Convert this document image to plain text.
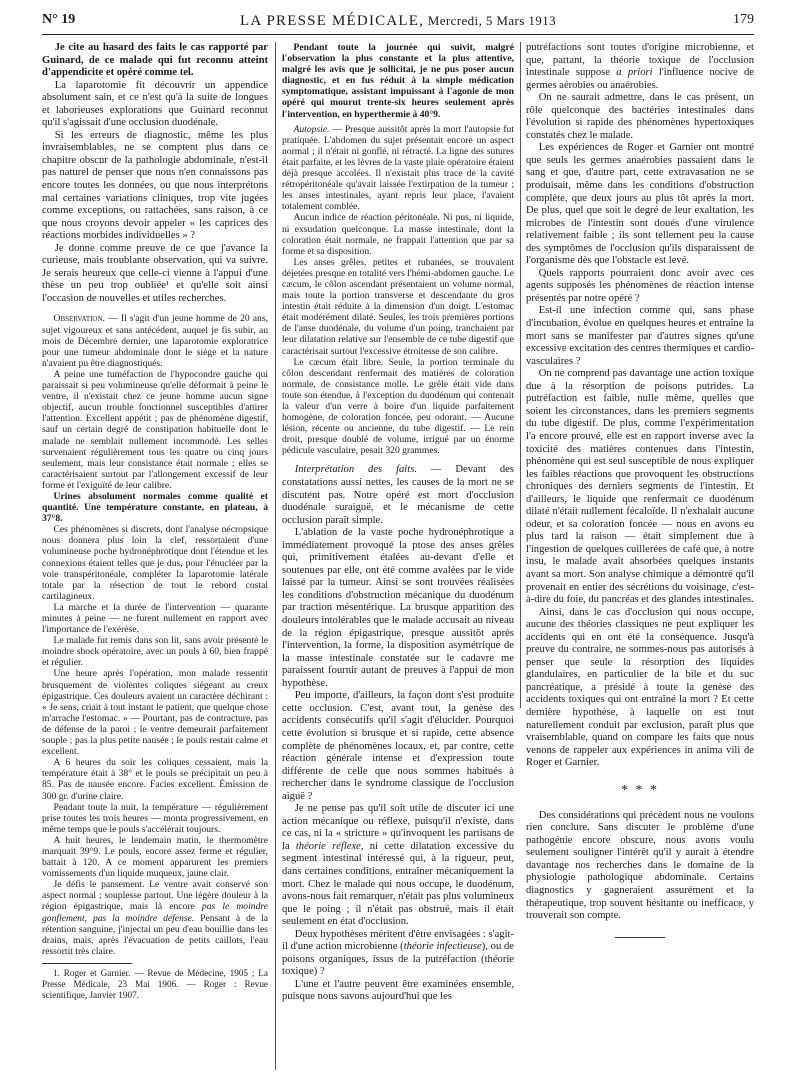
N° 19	LA PRESSE MÉDICALE, Mercredi, 5 Mars 1913	179

Je cite au hasard des faits le cas rapporté par Guinard, de ce malade qui fut reconnu atteint d'appendicite et opéré comme tel.

La laparotomie fit découvrir un appendice absolument sain, et ce n'est qu'à la suite de longues et laborieuses explorations que Guinard reconnut qu'il s'agissait d'une occlusion duodénale.

Si les erreurs de diagnostic, même les plus invraisemblables, ne se comptent plus dans ce chapitre obscur de la pathologie abdominale, n'est-il pas naturel de penser que nous n'en connaissons pas encore toutes les données, ou que nous interprétons mal certaines variations cliniques, trop vite jugées comme exceptions, ou rattachées, sans raison, à ce que nous croyons devoir appeler « les caprices des réactions morbides individuelles » ?

Je donne comme preuve de ce que j'avance la curieuse, mais troublante observation, qui va suivre. Je serais heureux que celle-ci vienne à l'appui d'une thèse un peu trop oubliée¹ et qu'elle soit ainsi l'occasion de nouvelles et utiles recherches.

Observation. — Il s'agit d'un jeune homme de 20 ans, sujet vigoureux et sans antécédent, auquel je fis subir, au mois de Décembre dernier, une laparotomie exploratrice pour une tumeur abdominale dont le siège et la nature n'avaient pu être diagnostiqués.

A peine une tuméfaction de l'hypocondre gauche qui paraissait si peu volumineuse qu'elle déformait à peine le ventre, il n'existait chez ce jeune homme aucun signe objectif, aucun trouble fonctionnel susceptibles d'attirer l'attention. Excellent appétit ; pas de phénomène digestif, sauf un certain degré de constipation habituelle dont le malade ne semblait nullement incommodé. Les selles survenaient régulièrement tous les quatre ou cinq jours seulement, mais leur consistance était normale ; elles se caractérisaient surtout par l'allongement excessif de leur forme et l'exiguïté de leur calibre.

Urines absolument normales comme qualité et quantité. Une température constante, en plateau, à 37°8.

Ces phénomènes si discrets, dont l'analyse nécropsique nous donnera plus loin la clef, ressortaient d'une volumineuse poche hydronéphrotique dont l'étendue et les connexions étaient telles que je dus, pour l'énucléer par la voie transpéritonéale, compléter la laparotomie latérale totale par la résection de tout le rebord costal cartilagineux.

La marche et la durée de l'intervention — quarante minutes à peine — ne furent nullement en rapport avec l'importance de l'exérèse.

Le malade fut remis dans son lit, sans avoir présenté le moindre shock opératoire, avec un pouls à 60, bien frappé et régulier.

Une heure après l'opération, mon malade ressentit brusquement de violentes coliques siégeant au creux épigastrique. Ces douleurs avaient un caractère déchirant : « Je sens, criait à tout instant le patient, que quelque chose m'arrache l'estomac. » — Pourtant, pas de contracture, pas de défense de la paroi ; le ventre demeurait parfaitement souple ; pas la plus petite nausée ; le pouls restait calme et excellent.

A 6 heures du soir les coliques cessaient, mais la température était à 38° et le pouls se précipitait un peu à 85. Pas de nausée encore. Facies excellent. Émission de 300 gr. d'urine claire.

Pendant toute la nuit, la température — régulièrement prise toutes les trois heures — monta progressivement, en même temps que le pouls s'accélérait toujours.

A huit heures, le lendemain matin, le thermomètre marquait 39°9. Le pouls, encore assez ferme et régulier, battait à 120. A ce moment apparurent les premiers vomissements d'un liquide muqueux, jaune clair.

Je défis le pansement. Le ventre avait conservé son aspect normal ; souplesse partout. Une légère douleur à la région épigastrique, mais là encore pas le moindre gonflement, pas la moindre défense. Pensant à de la rétention sanguine, j'injectai un peu d'eau bouillie dans les drains, mais, après l'évacuation de petits caillots, l'eau ressortit très claire.

1. Roger et Garnier. — Revue de Médecine, 1905 ; La Presse Médicale, 23 Mai 1906. — Roger : Revue scientifique, Janvier 1907.

Pendant toute la journée qui suivit, malgré l'observation la plus constante et la plus attentive, malgré les avis que je sollicitai, je ne pus poser aucun diagnostic, et en fus réduit à la simple médication symptomatique, assistant impuissant à l'agonie de mon opéré qui mourut trente-six heures seulement après l'intervention, en hyperthermie à 40°9.

Autopsie. — Presque aussitôt après la mort l'autopsie fut pratiquée. L'abdomen du sujet présentait encore un aspect normal ; il n'était ni gonflé, ni rétracté. La ligne des sutures était parfaite, et les lèvres de la vaste plaie opératoire étaient déjà presque accolées. Il n'existait plus trace de la cavité rétropéritonéale qu'avait laissée l'extirpation de la tumeur ; les anses intestinales, ayant repris leur place, l'avaient totalement comblée.

Aucun indice de réaction péritonéale. Ni pus, ni liquide, ni exsudation quelconque. La masse intestinale, dont la coloration était normale, ne frappait l'attention que par sa forme et sa disposition.

Les anses grêles, petites et rubanées, se trouvaient déjetées presque en totalité vers l'hémi-abdomen gauche. Le cæcum, le côlon ascendant présentaient un volume normal, mais toute la portion transverse et descendante du gros intestin était réduite à la dimension d'un doigt. L'estomac était modérément dilaté. Seules, les trois premières portions de l'anse duodénale, du volume d'un poing, tranchaient par leur dilatation relative sur l'ensemble de ce tube digestif que caractérisait surtout l'excessive étroitesse de son calibre.

Le cæcum était libre. Seule, la portion terminale du côlon descendant renfermait des matières de coloration normale, de consistance molle. Le grêle était vide dans toute son étendue, à l'exception du duodénum qui contenait la valeur d'un verre à boire d'un liquide parfaitement homogène, de coloration foncée, peu odorant. — Aucune lésion, récente ou ancienne, du tube digestif. — Le rein droit, presque doublé de volume, irrigué par un énorme pédicule vasculaire, pesait 320 grammes.

Interprétation des faits. — Devant des constatations aussi nettes, les causes de la mort ne se discutent pas. Notre opéré est mort d'occlusion duodénale suraiguë, et le mécanisme de cette occlusion paraît simple.

L'ablation de la vaste poche hydronéphrotique a immédiatement provoqué la ptose des anses grêles qui, primitivement étalées au-devant d'elle et soutenues par elle, ont été comme avalées par le vide laissé par la tumeur. Ainsi se sont trouvées réalisées les conditions d'obstruction mécanique du duodénum par traction mésentérique. La brusque apparition des douleurs intolérables que le malade accusait au niveau de la région épigastrique, presque aussitôt après l'intervention, la forme, la disposition asymétrique de la masse intestinale constatée sur le cadavre me paraissent fournir autant de preuves à l'appui de mon hypothèse.

Peu importe, d'ailleurs, la façon dont s'est produite cette occlusion. C'est, avant tout, la genèse des accidents consécutifs qu'il s'agit d'élucider. Pourquoi cette évolution si brusque et si rapide, cette absence complète de phénomènes locaux, et, par contre, cette réaction générale intense et d'expression toute différente de celle que nous sommes habitués à rechercher dans le syndrome classique de l'occlusion aiguë ?

Je ne pense pas qu'il soit utile de discuter ici une action mécanique ou réflexe, puisqu'il n'existe, dans ce cas, ni la « stricture » qu'invoquent les partisans de la théorie réflexe, ni cette dilatation excessive du segment intestinal intéressé qui, à la rigueur, peut, dans certaines conditions, entraîner mécaniquement la mort. Chez le malade qui nous occupe, le duodénum, avons-nous fait remarquer, n'était pas plus volumineux que le poing ; il n'était pas obstrué, mais il était seulement en état d'occlusion.

Deux hypothèses méritent d'être envisagées : s'agit-il d'une action microbienne (théorie infectieuse), ou de poisons organiques, issus de la putréfaction (théorie toxique) ?

L'une et l'autre peuvent être examinées ensemble, puisque nous savons aujourd'hui que les

putréfactions sont toutes d'origine microbienne, et que, partant, la théorie toxique de l'occlusion intestinale suppose a priori l'influence nocive de germes aérobies ou anaérobies.

On ne saurait admettre, dans le cas présent, un rôle quelconque des bactéries intestinales dans l'évolution si rapide des phénomènes hypertoxiques constatés chez le malade.

Les expériences de Roger et Garnier ont montré que seuls les germes anaérobies passaient dans le sang et que, d'autre part, cette extravasation ne se produisait, même dans les conditions d'obstruction complète, que deux jours au plus tôt après la mort. De plus, quel que soit le degré de leur exaltation, les microbes de l'intestin sont doués d'une virulence relativement faible ; ils sont tellement peu la cause des symptômes de l'occlusion qu'ils disparaissent de l'organisme dès que l'obstacle est levé.

Quels rapports pourraient donc avoir avec ces agents supposés les phénomènes de réaction intense présentés par notre opéré ?

Est-il une infection comme qui, sans phase d'incubation, évolue en quelques heures et entraîne la mort sans se manifester par d'autres signes qu'une excessive excitation des centres thermiques et cardio-vasculaires ?

On ne comprend pas davantage une action toxique due à la résorption de poisons putrides. La putréfaction est faible, nulle même, quelles que soient les circonstances, dans les premiers segments du tube digestif. De plus, comme l'expérimentation l'a encore prouvé, elle est en rapport inverse avec la toxicité des matières contenues dans l'intestin, phénomène qui est seul susceptible de nous expliquer les faibles réactions que provoquent les obstructions chroniques des derniers segments de l'intestin. Et d'ailleurs, le liquide que renfermait ce duodénum dilaté n'était nullement fécaloïde. Il n'exhalait aucune odeur, et sa coloration foncée — nous en avons eu plus tard la raison — était simplement due à l'ingestion de quelques cuillerées de café que, à notre insu, le malade avait absorbées quelques instants avant sa mort. Son analyse chimique a démontré qu'il provenait en entier des sécrétions du voisinage, c'est-à-dire du foie, du pancréas et des glandes intestinales.

Ainsi, dans le cas d'occlusion qui nous occupe, aucune des théories classiques ne peut expliquer les accidents qui en ont été la conséquence. Jusqu'à preuve du contraire, ne sommes-nous pas autorisés à penser que seule la résorption des liquides glandulaires, en particulier de la bile et du suc pancréatique, a présidé à toute la genèse des accidents toxiques qui ont entraîné la mort ? Et cette dernière hypothèse, à laquelle on est tout naturellement conduit par exclusion, paraît plus que vraisemblable, quand on compare les faits que nous venons de rappeler aux expériences in anima vili de Roger et Garnier.

* * *

Des considérations qui précèdent nous ne voulons rien conclure. Sans discuter le problème d'une pathogénie encore obscure, nous avons voulu seulement souligner l'intérêt qu'il y aurait à étendre davantage nos recherches dans le domaine de la physiologie pathologique abdominale. Certains diagnostics y gagneraient assurément et la thérapeutique, trop souvent hésitante ou inefficace, y trouverait son compte.
